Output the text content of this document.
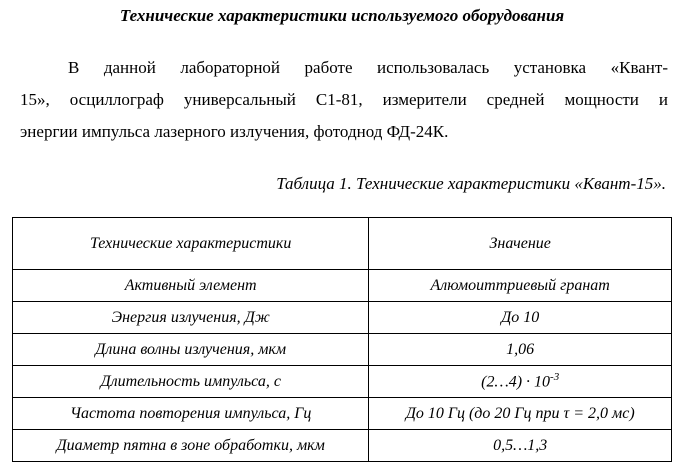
Технические характеристики используемого оборудования

В данной лабораторной работе использовалась установка «Квант-
15», осциллограф универсальный С1-81, измерители средней мощности и
энергии импульса лазерного излучения, фотоднод ФД-24К.

Таблица 1. Технические характеристики «Квант-15».
Технические характеристики	Значение
Активный элемент	Алюмоиттриевый гранат
Энергия излучения, Дж	До 10
Длина волны излучения, мкм	1,06
Длительность импульса, с	(2…4) · $10^{-3}$
Частота повторения импульса, Гц	До 10 Гц (до 20 Гц при τ = 2,0 мс)
Диаметр пятна в зоне обработки, мкм	0,5…1,3
